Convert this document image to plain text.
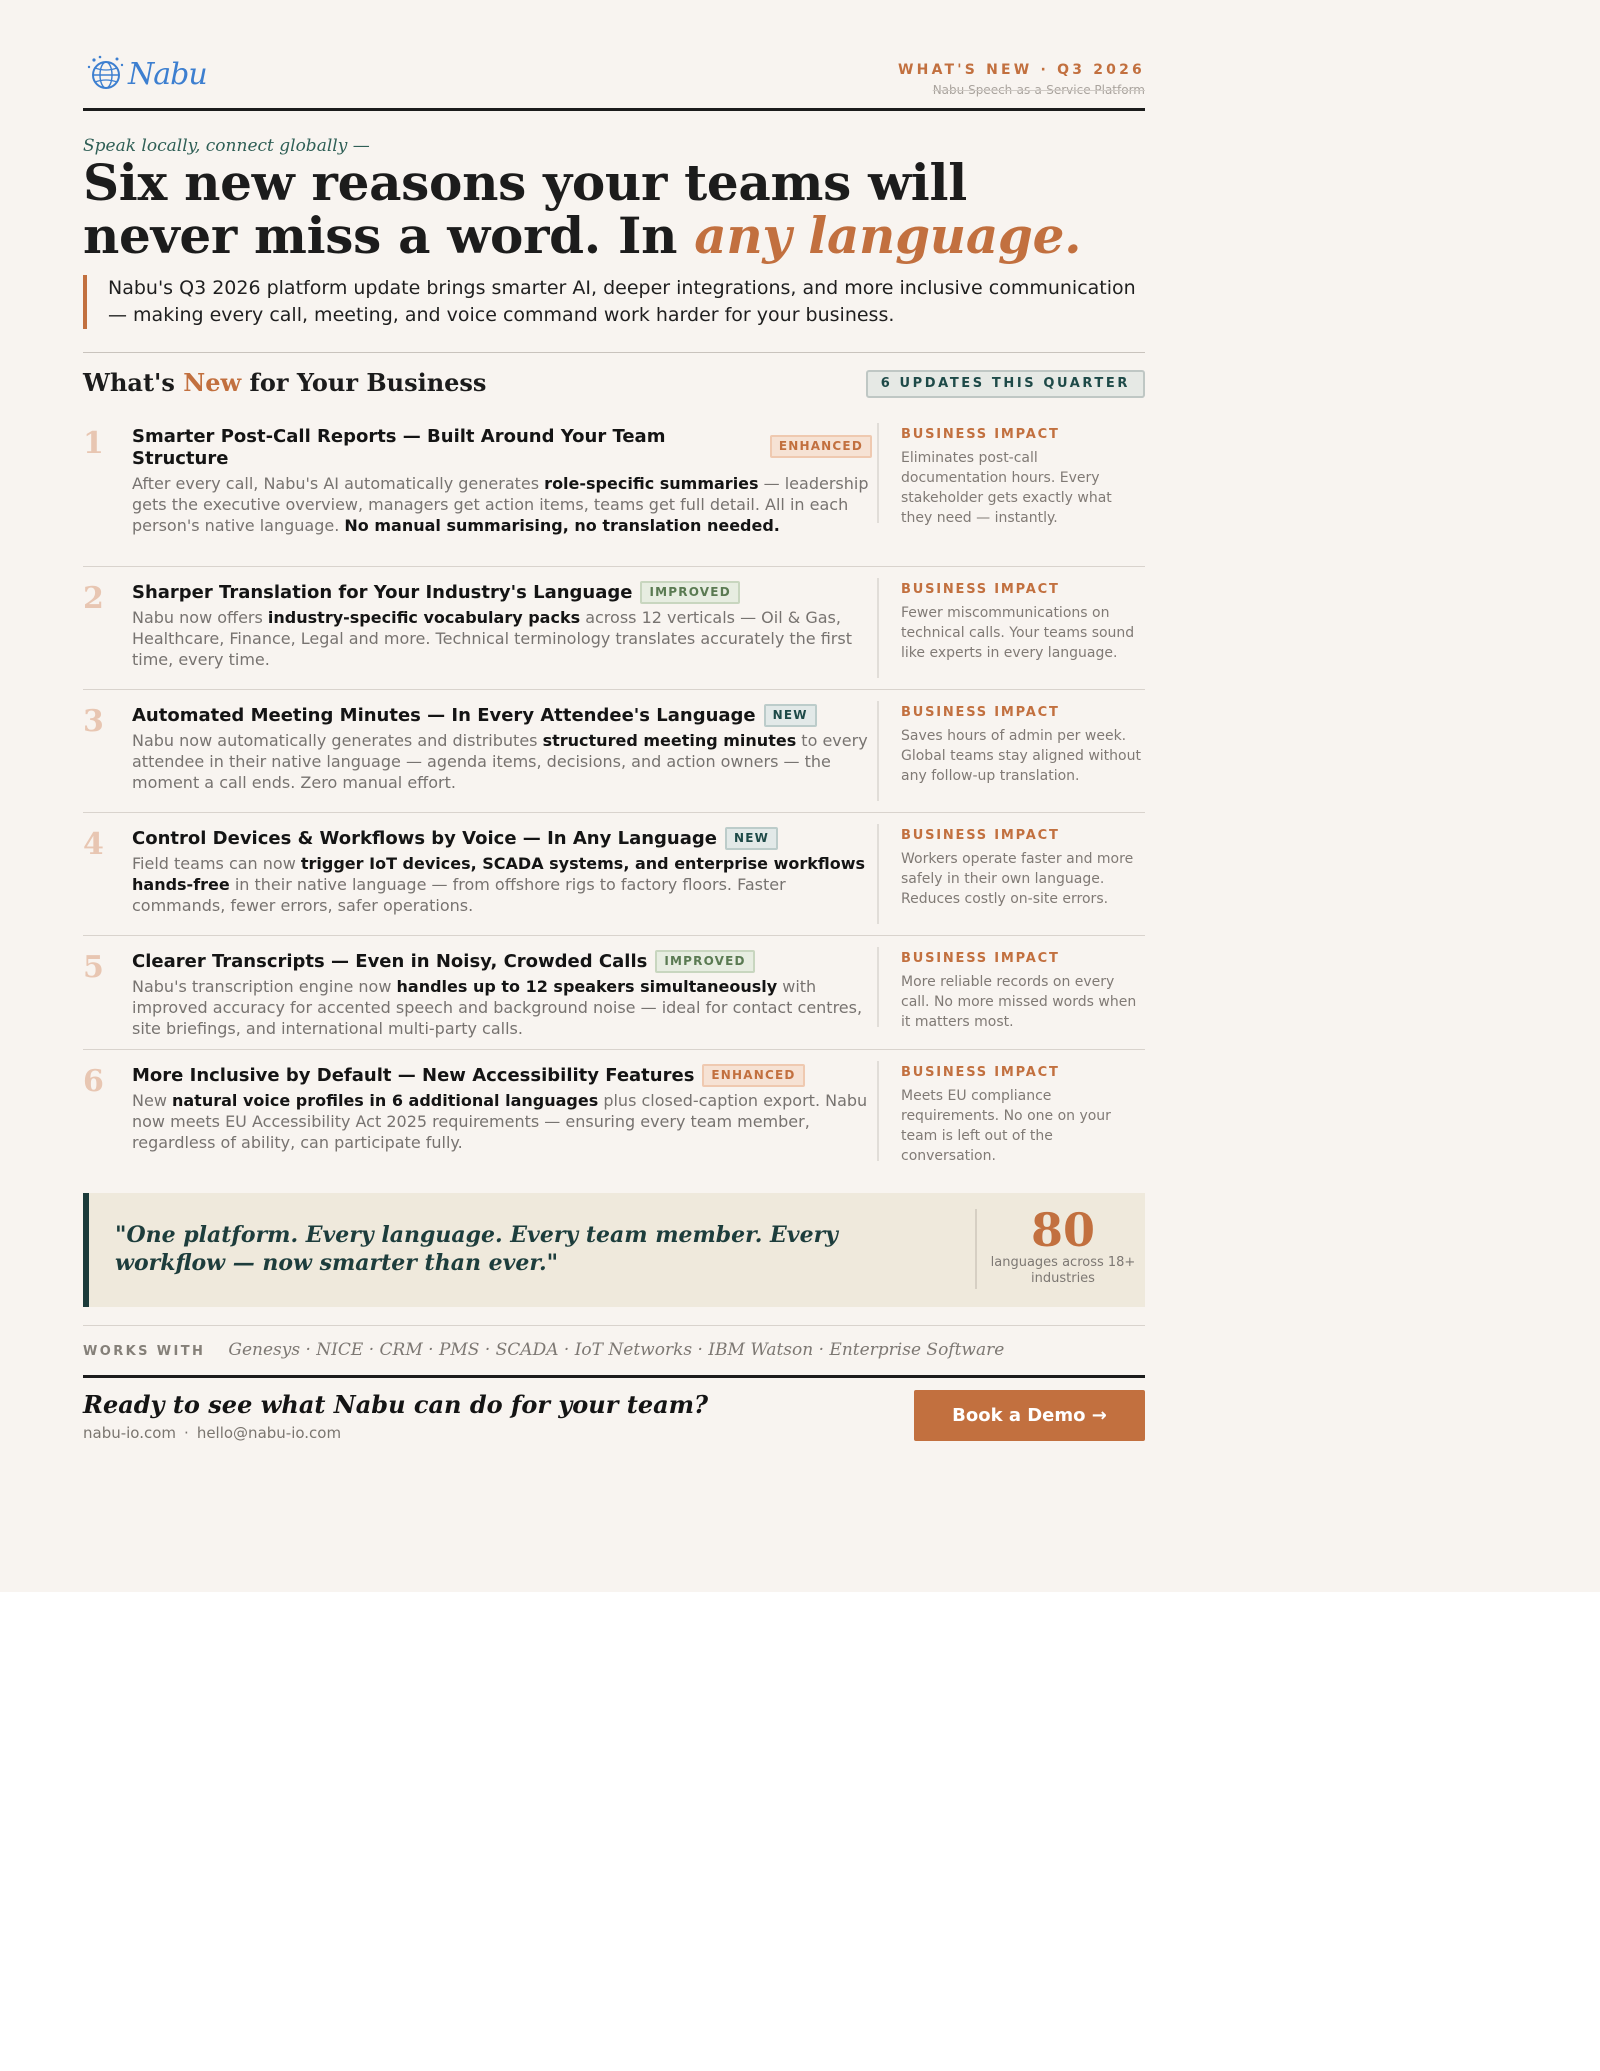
Nabu	WHAT'S NEW · Q3 2026
Nabu Speech-as-a-Service Platform
Speak locally, connect globally —
Six new reasons your teams will
never miss a word. In any language.
Nabu's Q3 2026 platform update brings smarter AI, deeper integrations, and more inclusive communication — making every call, meeting, and voice command work harder for your business.
What's New for Your Business	6 UPDATES THIS QUARTER
1 Smarter Post-Call Reports — Built Around Your Team Structure
ENHANCED

After every call, Nabu's AI automatically generates role-specific summaries — leadership gets the executive overview, managers get action items, teams get full detail. All in each person's native language. No manual summarising, no translation needed.

BUSINESS IMPACT
Eliminates post-call documentation hours. Every stakeholder gets exactly what they need — instantly.
2 Sharper Translation for Your Industry's Language IMPROVED

Nabu now offers industry-specific vocabulary packs across 12 verticals — Oil & Gas, Healthcare, Finance, Legal and more. Technical terminology translates accurately the first time, every time.

BUSINESS IMPACT
Fewer miscommunications on technical calls. Your teams sound like experts in every language.
3 Automated Meeting Minutes — In Every Attendee's Language NEW

Nabu now automatically generates and distributes structured meeting minutes to every attendee in their native language — agenda items, decisions, and action owners — the moment a call ends. Zero manual effort.

BUSINESS IMPACT
Saves hours of admin per week. Global teams stay aligned without any follow-up translation.
4 Control Devices & Workflows by Voice — In Any Language NEW

Field teams can now trigger IoT devices, SCADA systems, and enterprise workflows hands-free in their native language — from offshore rigs to factory floors. Faster commands, fewer errors, safer operations.

BUSINESS IMPACT
Workers operate faster and more safely in their own language. Reduces costly on-site errors.
5 Clearer Transcripts — Even in Noisy, Crowded Calls IMPROVED

Nabu's transcription engine now handles up to 12 speakers simultaneously with improved accuracy for accented speech and background noise — ideal for contact centres, site briefings, and international multi-party calls.

BUSINESS IMPACT
More reliable records on every call. No more missed words when it matters most.
6 More Inclusive by Default — New Accessibility Features ENHANCED

New natural voice profiles in 6 additional languages plus closed-caption export. Nabu now meets EU Accessibility Act 2025 requirements — ensuring every team member, regardless of ability, can participate fully.

BUSINESS IMPACT
Meets EU compliance requirements. No one on your team is left out of the conversation.
"One platform. Every language. Every team member. Every workflow — now smarter than ever."
80
languages across 18+ industries
WORKS WITH Genesys · NICE · CRM · PMS · SCADA · IoT Networks · IBM Watson · Enterprise Software
Ready to see what Nabu can do for your team?
nabu-io.com · hello@nabu-io.com
Book a Demo →
